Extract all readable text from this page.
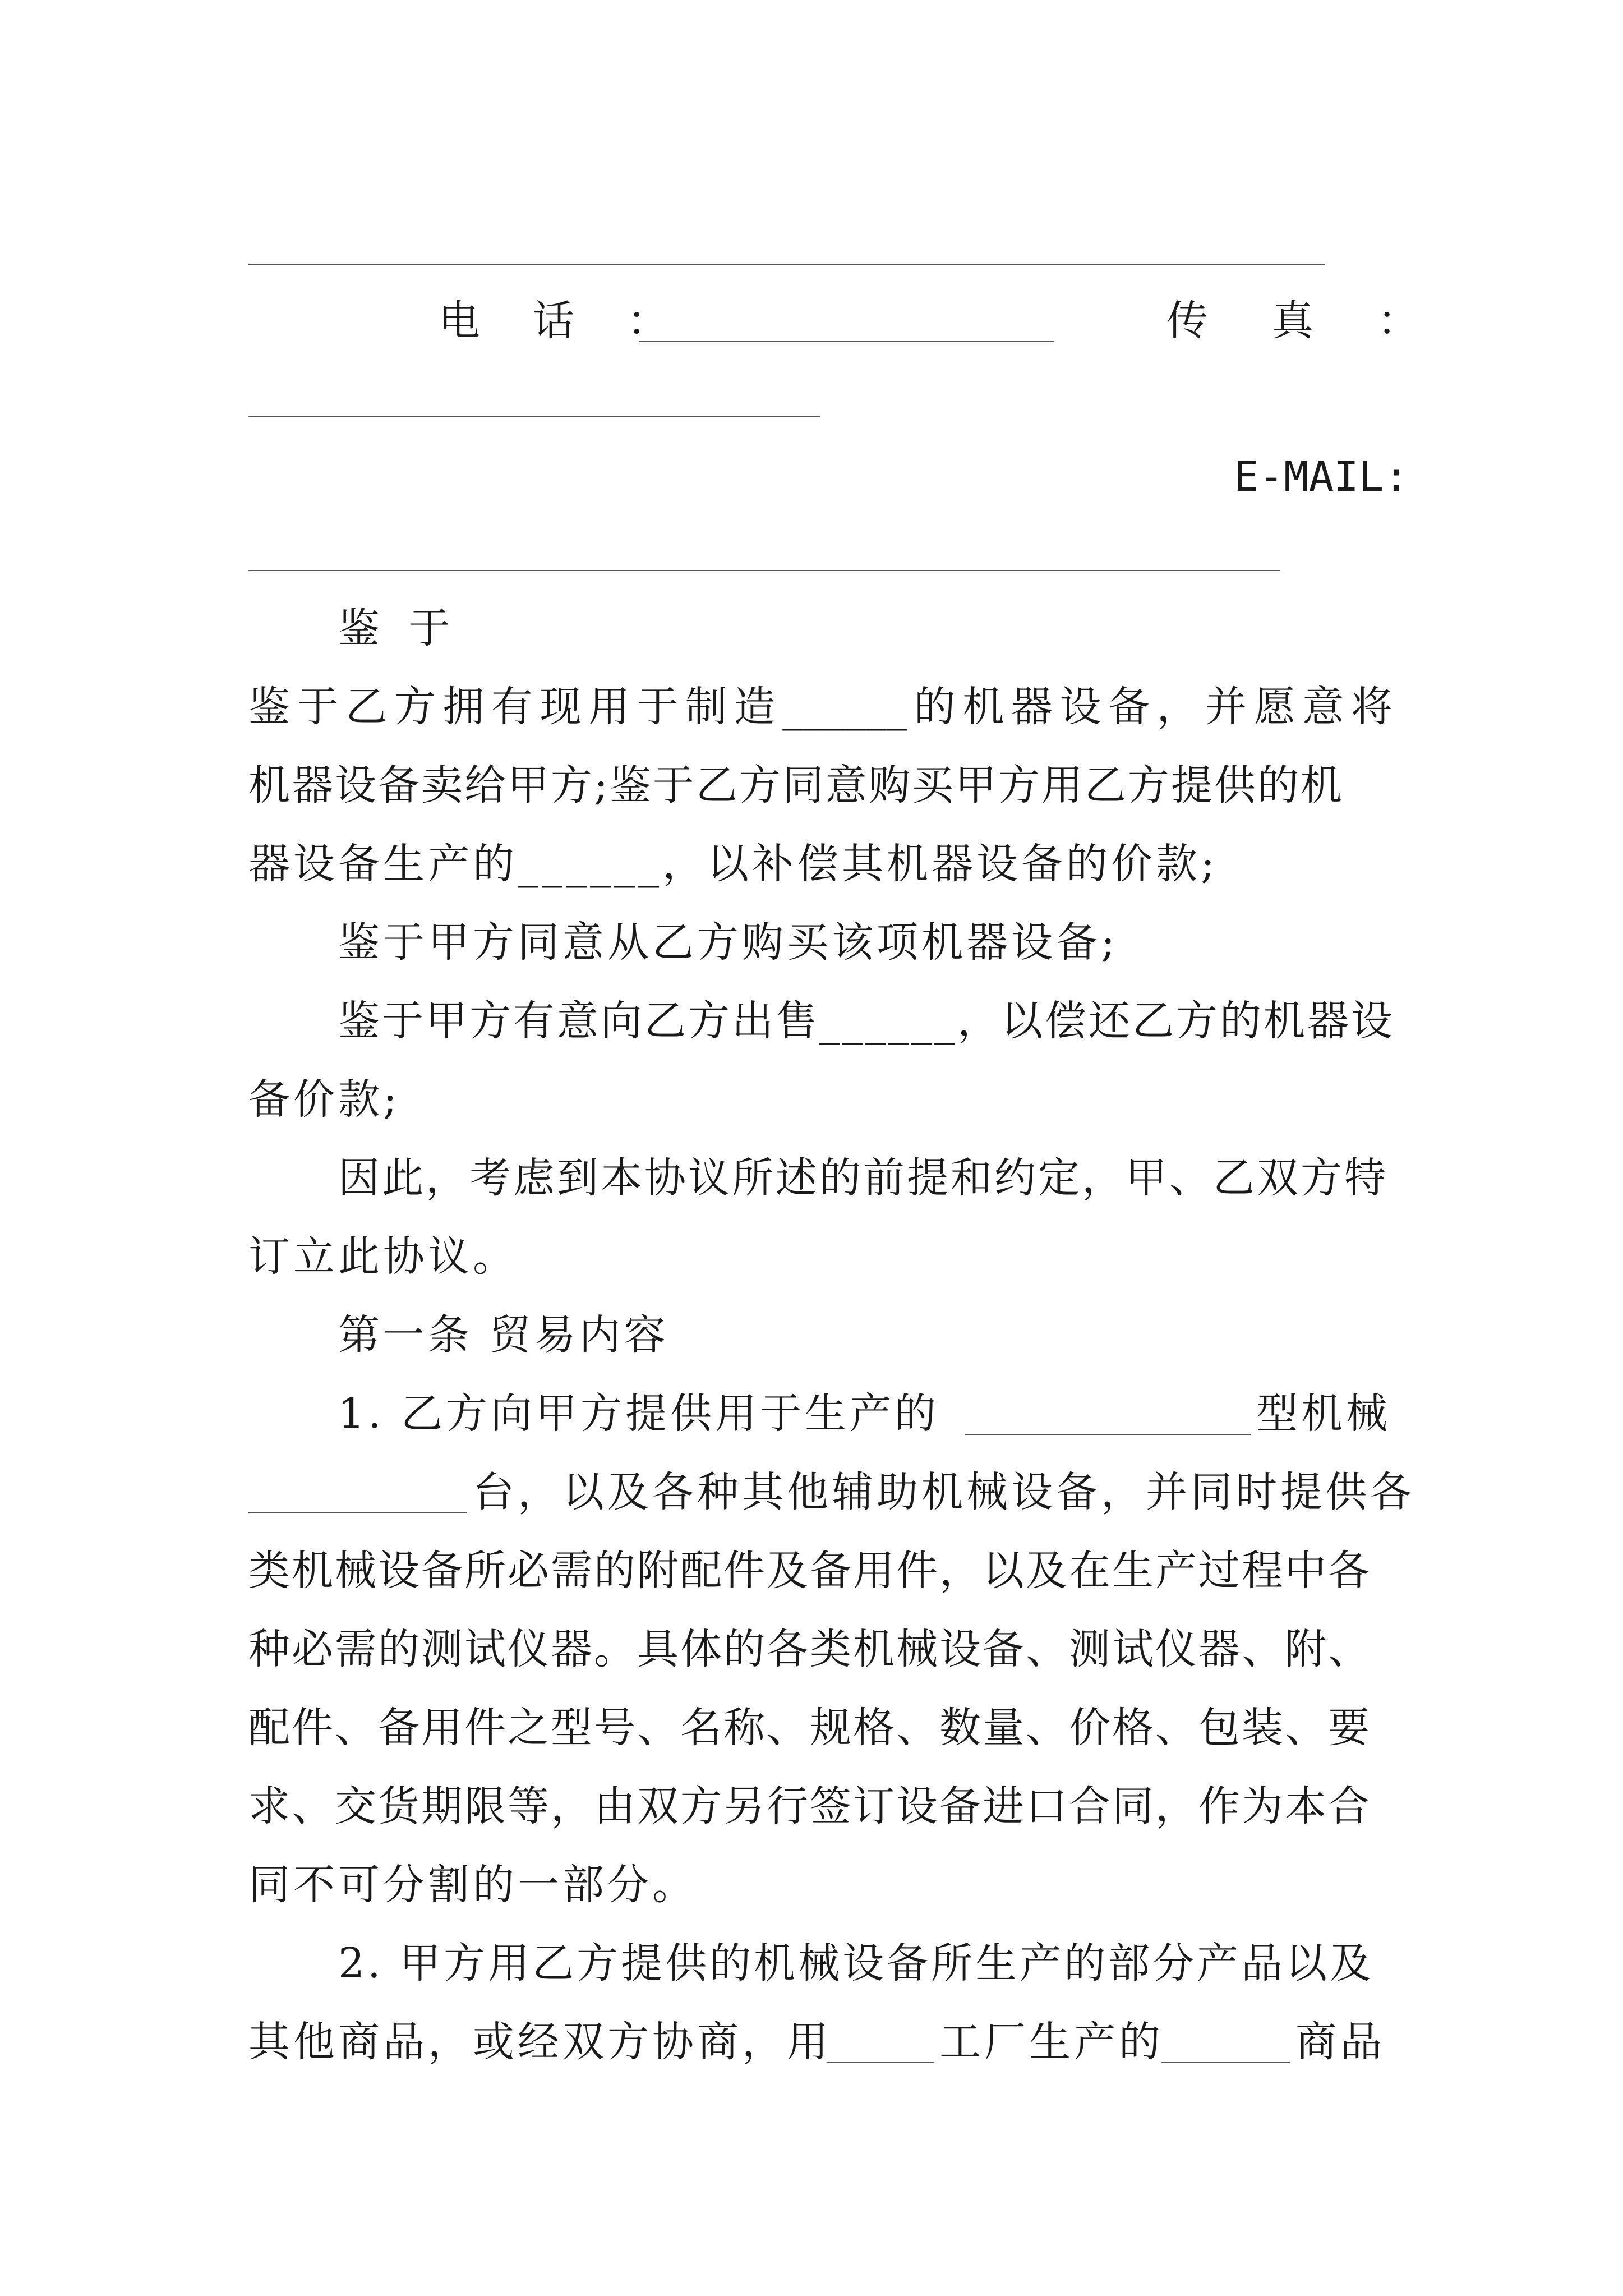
电　话　：	传　真　：
E-MAIL:
鉴 于
鉴 于 乙 方 拥 有 现 用 于 制 造 ______ 的 机 器 设 备 ， 并 愿 意 将
机器设备卖给甲方;鉴于乙方同意购买甲方用乙方提供的机
器设备生产的______，以补偿其机器设备的价款;
鉴于甲方同意从乙方购买该项机器设备;
鉴于甲方有意向乙方出售______，以偿还乙方的机器设
备价款;
因此，考虑到本协议所述的前提和约定，甲、乙双方特
订立此协议。
第一条 贸易内容
1. 乙方向甲方提供用于生产的	型机械
台，以及各种其他辅助机械设备，并同时提供各
类机械设备所必需的附配件及备用件，以及在生产过程中各
种必需的测试仪器。具体的各类机械设备、测试仪器、附、
配件、备用件之型号、名称、规格、数量、价格、包装、要
求、交货期限等，由双方另行签订设备进口合同，作为本合
同不可分割的一部分。
2. 甲方用乙方提供的机械设备所生产的部分产品以及
其他商品，或经双方协商，用	工厂生产的	商品
